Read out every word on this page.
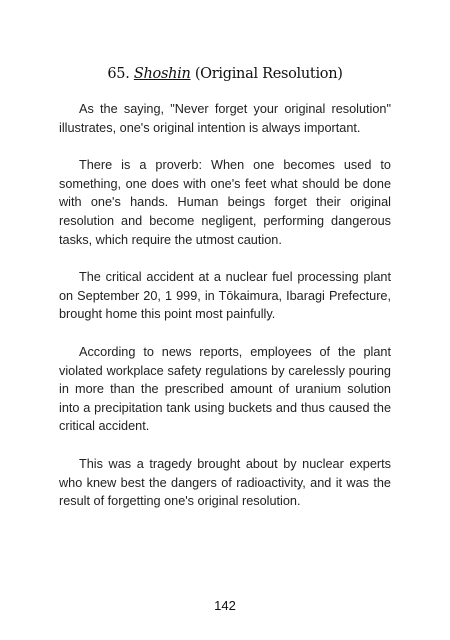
65. Shoshin (Original Resolution)

As the saying, "Never forget your original resolution" illustrates, one's original intention is always important.

There is a proverb: When one becomes used to something, one does with one's feet what should be done with one's hands. Human beings forget their original resolution and become negligent, performing dangerous tasks, which require the utmost caution.

The critical accident at a nuclear fuel processing plant on September 20, 1 999, in Tōkaimura, Ibaragi Prefecture, brought home this point most painfully.

According to news reports, employees of the plant violated workplace safety regulations by carelessly pouring in more than the prescribed amount of uranium solution into a precipitation tank using buckets and thus caused the critical accident.

This was a tragedy brought about by nuclear experts who knew best the dangers of radioactivity, and it was the result of forgetting one's original resolution.

142
